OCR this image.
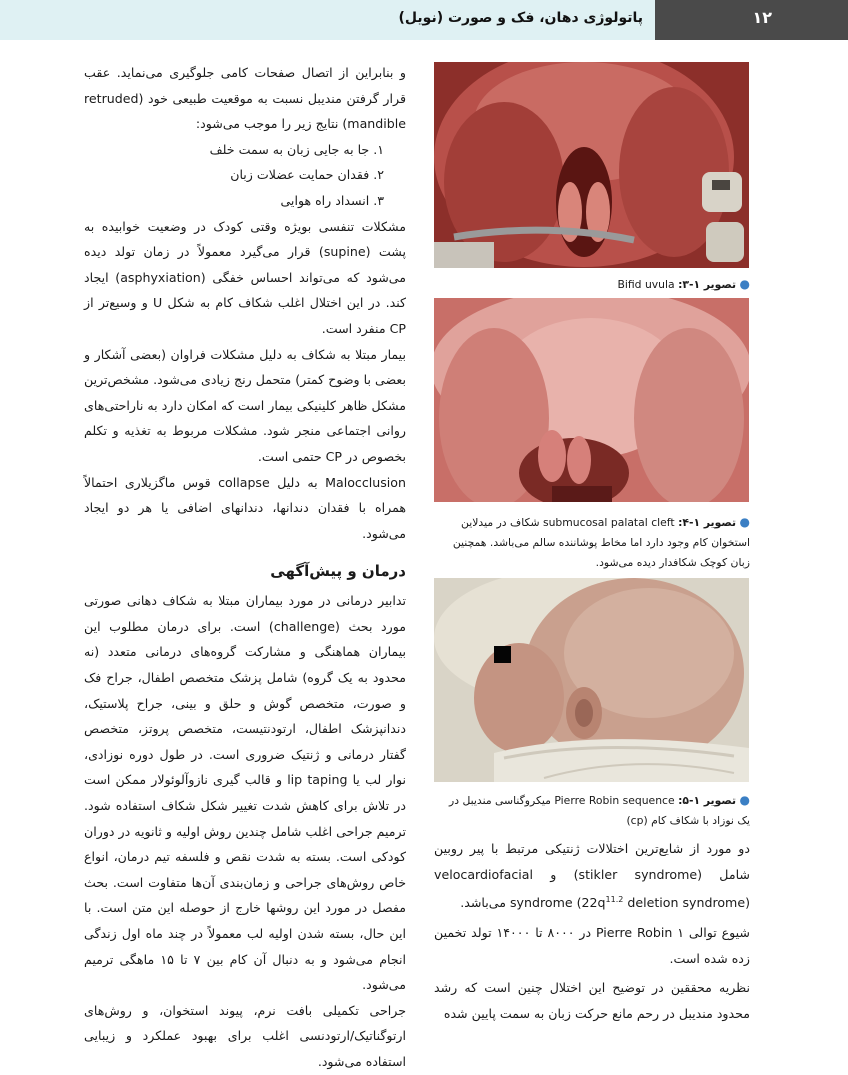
پاتولوژی دهان، فک و صورت (نویل)	۱۲

و بنابراین از اتصال صفحات کامی جلوگیری می‌نماید. عقب قرار گرفتن مندیبل نسبت به موقعیت طبیعی خود (retruded mandible) نتایج زیر را موجب می‌شود:

۱. جا به جایی زبان به سمت خلف

۲. فقدان حمایت عضلات زبان

۳. انسداد راه هوایی

مشکلات تنفسی بویژه وقتی کودک در وضعیت خوابیده به پشت (supine) قرار می‌گیرد معمولاً در زمان تولد دیده می‌شود که می‌تواند احساس خفگی (asphyxiation) ایجاد کند. در این اختلال اغلب شکاف کام به شکل U و وسیع‌تر از CP منفرد است.

بیمار مبتلا به شکاف به دلیل مشکلات فراوان (بعضی آشکار و بعضی با وضوح کمتر) متحمل رنج زیادی می‌شود. مشخص‌ترین مشکل ظاهر کلینیکی بیمار است که امکان دارد به ناراحتی‌های روانی اجتماعی منجر شود. مشکلات مربوط به تغذیه و تکلم بخصوص در CP حتمی است.

Malocclusion به دلیل collapse قوس ماگزیلاری احتمالاً همراه با فقدان دندانها، دندانهای اضافی یا هر دو ایجاد می‌شود.

درمان و پیش‌آگهی

تدابیر درمانی در مورد بیماران مبتلا به شکاف دهانی صورتی مورد بحث (challenge) است. برای درمان مطلوب این بیماران هماهنگی و مشارکت گروه‌های درمانی متعدد (نه محدود به یک گروه) شامل پزشک متخصص اطفال، جراح فک و صورت، متخصص گوش و حلق و بینی، جراح پلاستیک، دندانپزشک اطفال، ارتودنتیست، متخصص پروتز، متخصص گفتار درمانی و ژنتیک ضروری است. در طول دوره نوزادی، نوار لب یا lip taping و قالب گیری نازوآلوئولار ممکن است در تلاش برای کاهش شدت تغییر شکل شکاف استفاده شود. ترمیم جراحی اغلب شامل چندین روش اولیه و ثانویه در دوران کودکی است. بسته به شدت نقص و فلسفه تیم درمان، انواع خاص روش‌های جراحی و زمان‌بندی آن‌ها متفاوت است. بحث مفصل در مورد این روشها خارج از حوصله این متن است. با این حال، بسته شدن اولیه لب معمولاً در چند ماه اول زندگی انجام می‌شود و به دنبال آن کام بین ۷ تا ۱۵ ماهگی ترمیم می‌شود.

جراحی تکمیلی بافت نرم، پیوند استخوان، و روش‌های ارتوگناتیک/ارتودنسی اغلب برای بهبود عملکرد و زیبایی استفاده می‌شود.

● تصویر ۱-۳: Bifid uvula
● تصویر ۱-۴: submucosal palatal cleft شکاف در میدلاین استخوان کام وجود دارد اما مخاط پوشاننده سالم می‌باشد. همچنین زبان کوچک شکافدار دیده می‌شود.
● تصویر ۱-۵: Pierre Robin sequence میکروگناسی مندیبل در یک نوزاد با شکاف کام (cp)

دو مورد از شایع‌ترین اختلالات ژنتیکی مرتبط با پیر روبین شامل (stikler syndrome) و velocardiofacial syndrome ($22q^{11.2}$ deletion syndrome) می‌باشد.

شیوع توالی Pierre Robin ۱ در ۸۰۰۰ تا ۱۴۰۰۰ تولد تخمین زده شده است.

نظریه محققین در توضیح این اختلال چنین است که رشد محدود مندیبل در رحم مانع حرکت زبان به سمت پایین شده
